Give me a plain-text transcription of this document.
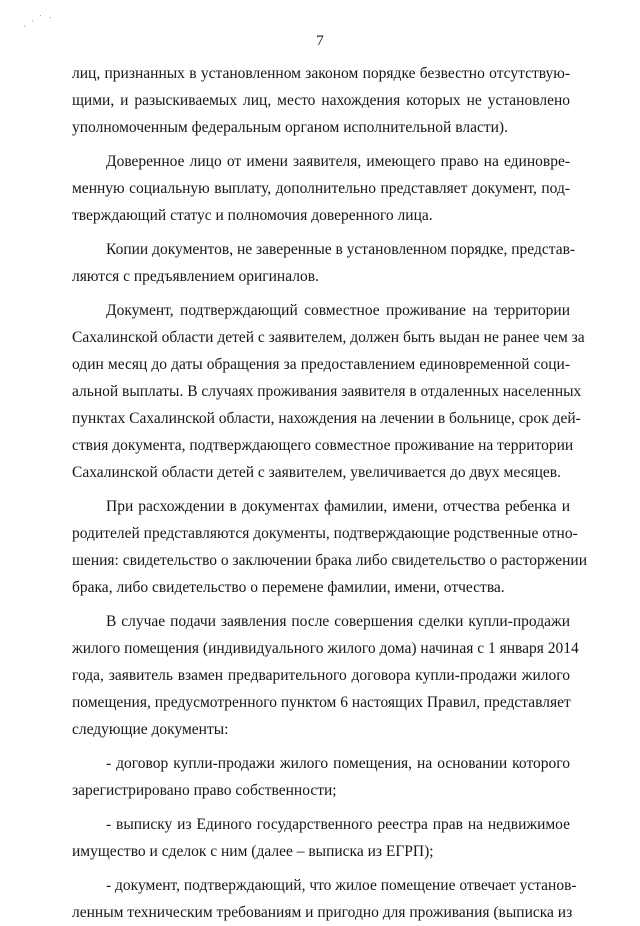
. · ˙ .
7

лиц, признанных в установленном законом порядке безвестно отсутствую-

щими, и разыскиваемых лиц, место нахождения которых не установлено

уполномоченным федеральным органом исполнительной власти).

Доверенное лицо от имени заявителя, имеющего право на единовре-

менную социальную выплату, дополнительно представляет документ, под-

тверждающий статус и полномочия доверенного лица.

Копии документов, не заверенные в установленном порядке, представ-

ляются с предъявлением оригиналов.

Документ, подтверждающий совместное проживание на территории

Сахалинской области детей с заявителем, должен быть выдан не ранее чем за

один месяц до даты обращения за предоставлением единовременной соци-

альной выплаты. В случаях проживания заявителя в отдаленных населенных

пунктах Сахалинской области, нахождения на лечении в больнице, срок дей-

ствия документа, подтверждающего совместное проживание на территории

Сахалинской области детей с заявителем, увеличивается до двух месяцев.

При расхождении в документах фамилии, имени, отчества ребенка и

родителей представляются документы, подтверждающие родственные отно-

шения: свидетельство о заключении брака либо свидетельство о расторжении

брака, либо свидетельство о перемене фамилии, имени, отчества.

В случае подачи заявления после совершения сделки купли-продажи

жилого помещения (индивидуального жилого дома) начиная с 1 января 2014

года, заявитель взамен предварительного договора купли-продажи жилого

помещения, предусмотренного пунктом 6 настоящих Правил, представляет

следующие документы:

- договор купли-продажи жилого помещения, на основании которого

зарегистрировано право собственности;

- выписку из Единого государственного реестра прав на недвижимое

имущество и сделок с ним (далее – выписка из ЕГРП);

- документ, подтверждающий, что жилое помещение отвечает установ-

ленным техническим требованиям и пригодно для проживания (выписка из
